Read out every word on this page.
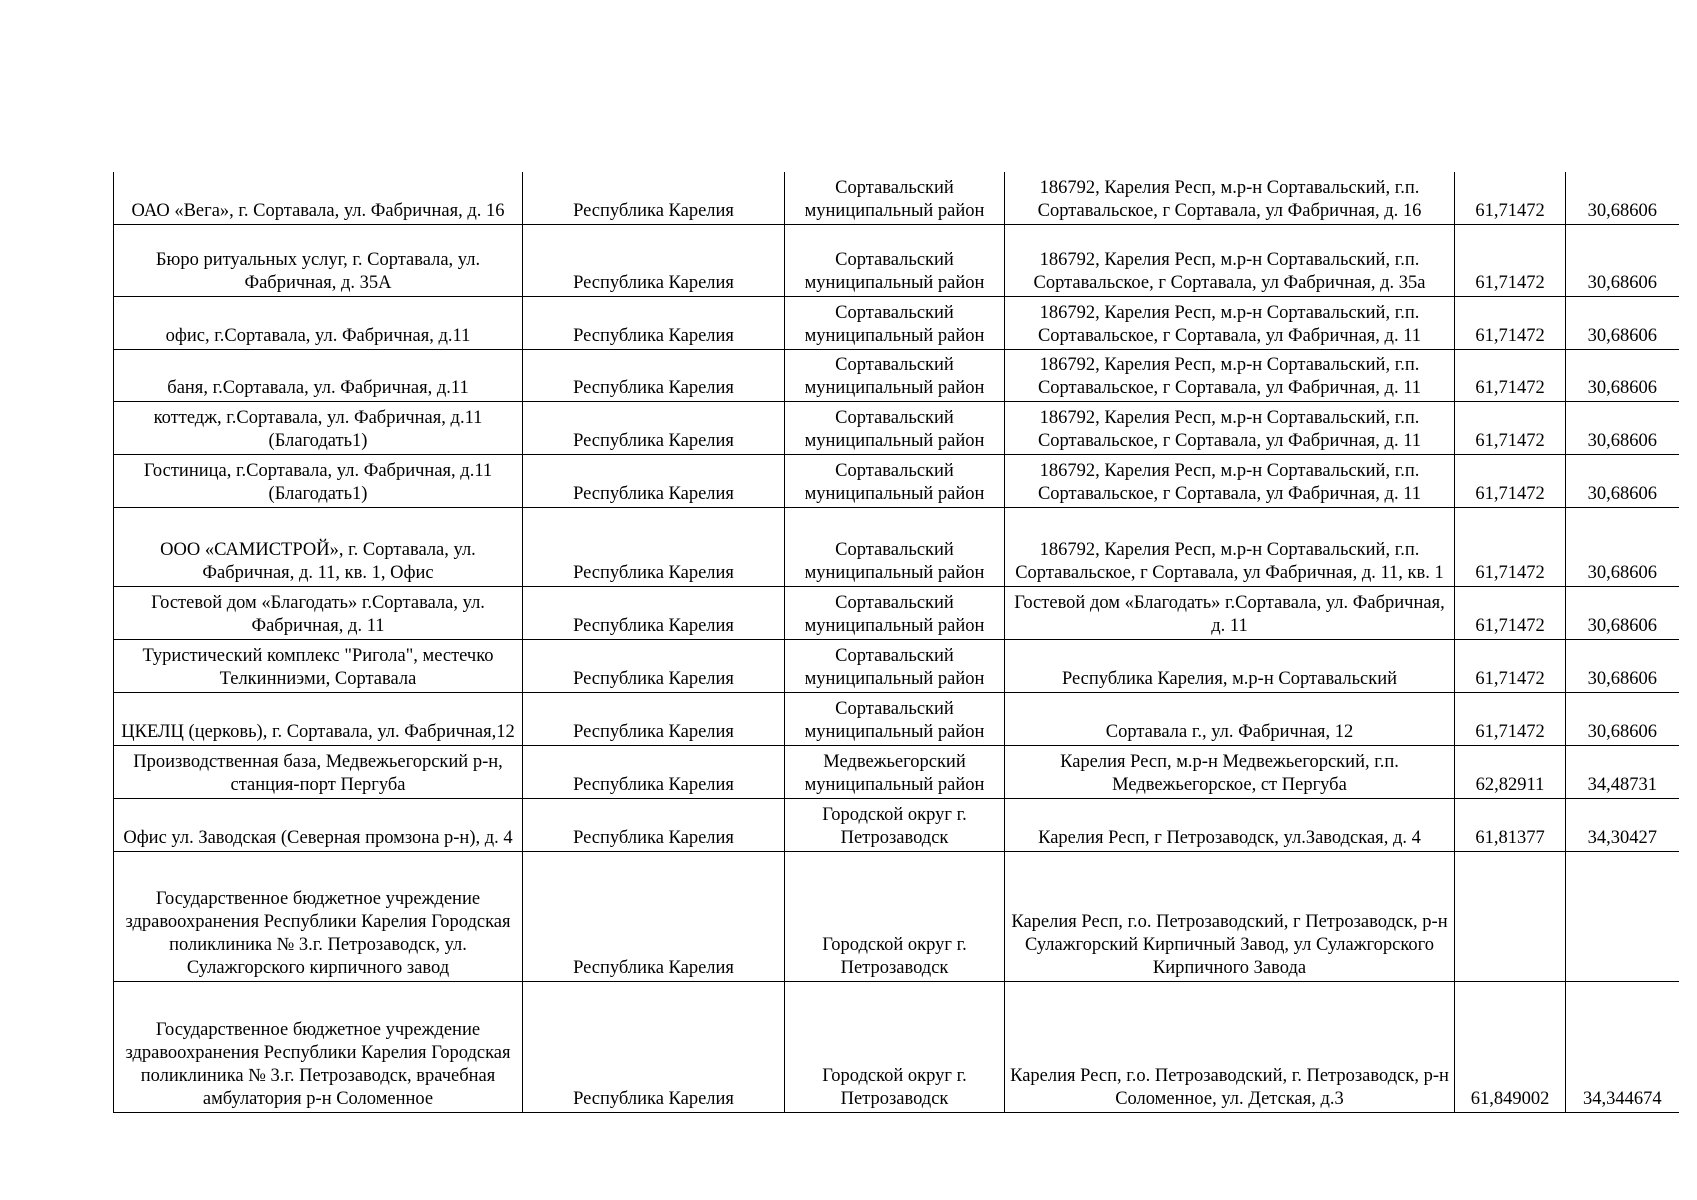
ОАО «Вега», г. Сортавала, ул. Фабричная, д. 16	Республика Карелия	Сортавальский муниципальный район	186792, Карелия Респ, м.р-н Сортавальский, г.п. Сортавальское, г Сортавала, ул Фабричная, д. 16	61,71472	30,68606
Бюро ритуальных услуг, г. Сортавала, ул. Фабричная, д. 35А	Республика Карелия	Сортавальский муниципальный район	186792, Карелия Респ, м.р-н Сортавальский, г.п. Сортавальское, г Сортавала, ул Фабричная, д. 35а	61,71472	30,68606
офис, г.Сортавала, ул. Фабричная, д.11	Республика Карелия	Сортавальский муниципальный район	186792, Карелия Респ, м.р-н Сортавальский, г.п. Сортавальское, г Сортавала, ул Фабричная, д. 11	61,71472	30,68606
баня, г.Сортавала, ул. Фабричная, д.11	Республика Карелия	Сортавальский муниципальный район	186792, Карелия Респ, м.р-н Сортавальский, г.п. Сортавальское, г Сортавала, ул Фабричная, д. 11	61,71472	30,68606
коттедж, г.Сортавала, ул. Фабричная, д.11 (Благодать1)	Республика Карелия	Сортавальский муниципальный район	186792, Карелия Респ, м.р-н Сортавальский, г.п. Сортавальское, г Сортавала, ул Фабричная, д. 11	61,71472	30,68606
Гостиница, г.Сортавала, ул. Фабричная, д.11 (Благодать1)	Республика Карелия	Сортавальский муниципальный район	186792, Карелия Респ, м.р-н Сортавальский, г.п. Сортавальское, г Сортавала, ул Фабричная, д. 11	61,71472	30,68606
ООО «САМИСТРОЙ», г. Сортавала, ул. Фабричная, д. 11, кв. 1, Офис	Республика Карелия	Сортавальский муниципальный район	186792, Карелия Респ, м.р-н Сортавальский, г.п. Сортавальское, г Сортавала, ул Фабричная, д. 11, кв. 1	61,71472	30,68606
Гостевой дом «Благодать» г.Сортавала, ул. Фабричная, д. 11	Республика Карелия	Сортавальский муниципальный район	Гостевой дом «Благодать» г.Сортавала, ул. Фабричная, д. 11	61,71472	30,68606
Туристический комплекс "Ригола", местечко Телкинниэми, Сортавала	Республика Карелия	Сортавальский муниципальный район	Республика Карелия, м.р-н Сортавальский	61,71472	30,68606
ЦКЕЛЦ (церковь), г. Сортавала, ул. Фабричная,12	Республика Карелия	Сортавальский муниципальный район	Сортавала г., ул. Фабричная, 12	61,71472	30,68606
Производственная база, Медвежьегорский р-н, станция-порт Пергуба	Республика Карелия	Медвежьегорский муниципальный район	Карелия Респ, м.р-н Медвежьегорский, г.п. Медвежьегорское, ст Пергуба	62,82911	34,48731
Офис ул. Заводская (Северная промзона р-н), д. 4	Республика Карелия	Городской округ г. Петрозаводск	Карелия Респ, г Петрозаводск, ул.Заводская, д. 4	61,81377	34,30427
Государственное бюджетное учреждение здравоохранения Республики Карелия Городская поликлиника № 3.г. Петрозаводск, ул. Сулажгорского кирпичного завод	Республика Карелия	Городской округ г. Петрозаводск	Карелия Респ, г.о. Петрозаводский, г Петрозаводск, р-н Сулажгорский Кирпичный Завод, ул Сулажгорского Кирпичного Завода		
Государственное бюджетное учреждение здравоохранения Республики Карелия Городская поликлиника № 3.г. Петрозаводск, врачебная амбулатория р-н Соломенное	Республика Карелия	Городской округ г. Петрозаводск	Карелия Респ, г.о. Петрозаводский, г. Петрозаводск, р-н Соломенное, ул. Детская, д.3	61,849002	34,344674
